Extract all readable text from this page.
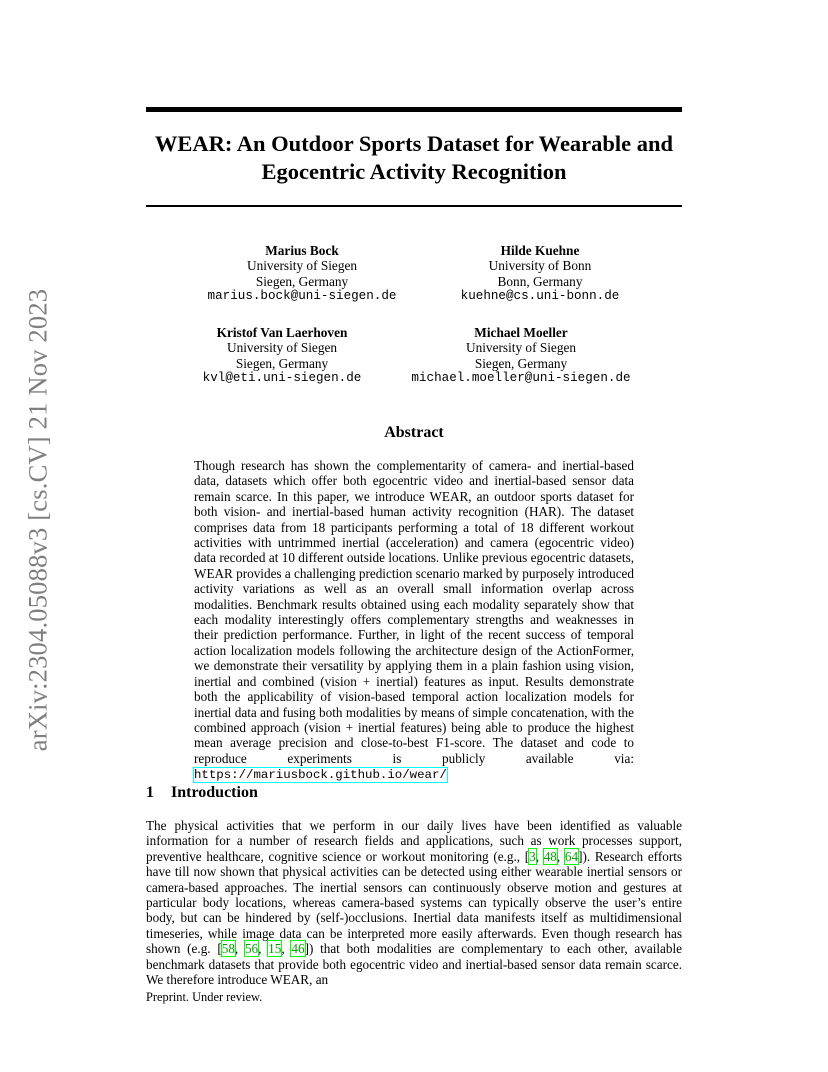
arXiv:2304.05088v3 [cs.CV] 21 Nov 2023
WEAR: An Outdoor Sports Dataset for Wearable and
Egocentric Activity Recognition
Marius Bock
University of Siegen
Siegen, Germany
marius.bock@uni-siegen.de
Hilde Kuehne
University of Bonn
Bonn, Germany
kuehne@cs.uni-bonn.de
Kristof Van Laerhoven
University of Siegen
Siegen, Germany
kvl@eti.uni-siegen.de
Michael Moeller
University of Siegen
Siegen, Germany
michael.moeller@uni-siegen.de
Abstract
Though research has shown the complementarity of camera- and inertial-based data, datasets which offer both egocentric video and inertial-based sensor data remain scarce. In this paper, we introduce WEAR, an outdoor sports dataset for both vision- and inertial-based human activity recognition (HAR). The dataset comprises data from 18 participants performing a total of 18 different workout activities with untrimmed inertial (acceleration) and camera (egocentric video) data recorded at 10 different outside locations. Unlike previous egocentric datasets, WEAR provides a challenging prediction scenario marked by purposely introduced activity variations as well as an overall small information overlap across modalities. Benchmark results obtained using each modality separately show that each modality interestingly offers complementary strengths and weaknesses in their prediction performance. Further, in light of the recent success of temporal action localization models following the architecture design of the ActionFormer, we demonstrate their versatility by applying them in a plain fashion using vision, inertial and combined (vision + inertial) features as input. Results demonstrate both the applicability of vision-based temporal action localization models for inertial data and fusing both modalities by means of simple concatenation, with the combined approach (vision + inertial features) being able to produce the highest mean average precision and close-to-best F1-score. The dataset and code to reproduce experiments is publicly available via: https://mariusbock.github.io/wear/
1 Introduction
The physical activities that we perform in our daily lives have been identified as valuable information for a number of research fields and applications, such as work processes support, preventive healthcare, cognitive science or workout monitoring (e.g., [3, 48, 64]). Research efforts have till now shown that physical activities can be detected using either wearable inertial sensors or camera-based approaches. The inertial sensors can continuously observe motion and gestures at particular body locations, whereas camera-based systems can typically observe the user’s entire body, but can be hindered by (self-)occlusions. Inertial data manifests itself as multidimensional timeseries, while image data can be interpreted more easily afterwards. Even though research has shown (e.g. [58, 56, 15, 46]) that both modalities are complementary to each other, available benchmark datasets that provide both egocentric video and inertial-based sensor data remain scarce. We therefore introduce WEAR, an
Preprint. Under review.
